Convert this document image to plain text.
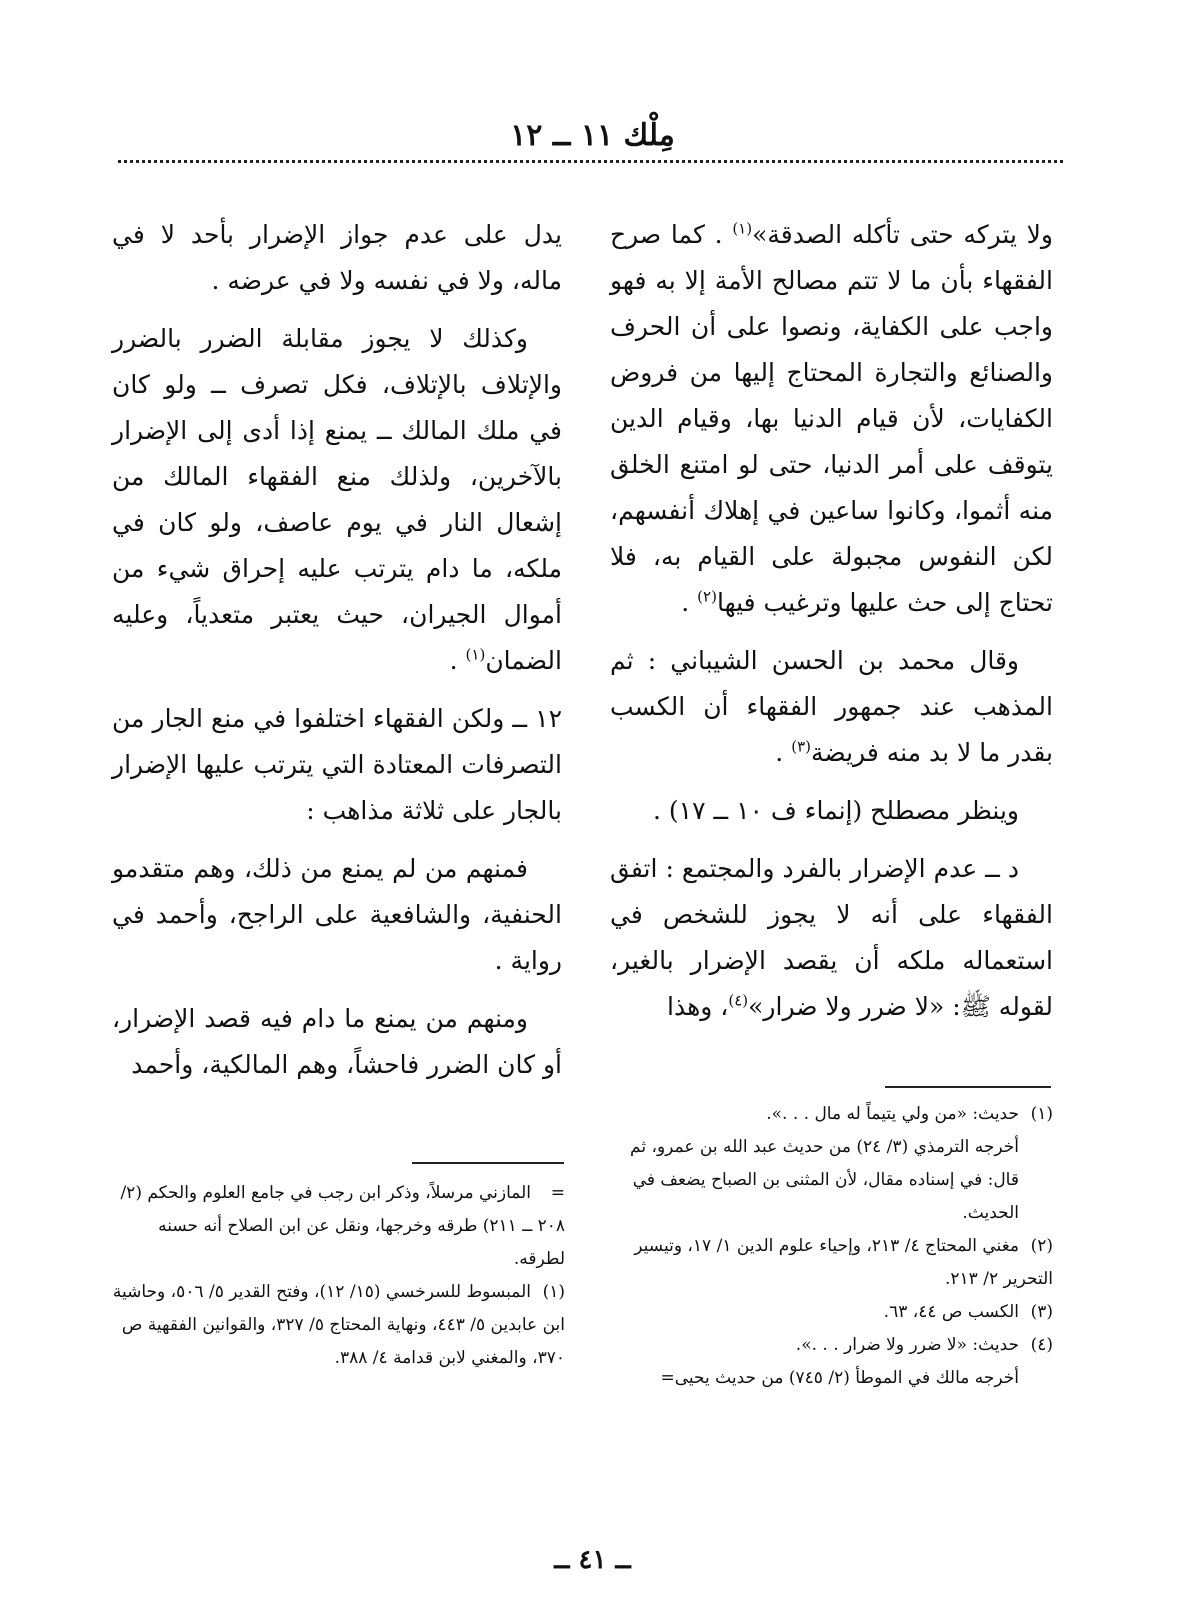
مِلْك ١١ ــ ١٢

ولا يتركه حتى تأكله الصدقة»$^{(١)}$ . كما صرح الفقهاء بأن ما لا تتم مصالح الأمة إلا به فهو واجب على الكفاية، ونصوا على أن الحرف والصنائع والتجارة المحتاج إليها من فروض الكفايات، لأن قيام الدنيا بها، وقيام الدين يتوقف على أمر الدنيا، حتى لو امتنع الخلق منه أثموا، وكانوا ساعين في إهلاك أنفسهم، لكن النفوس مجبولة على القيام به، فلا تحتاج إلى حث عليها وترغيب فيها$^{(٢)}$ .

وقال محمد بن الحسن الشيباني : ثم المذهب عند جمهور الفقهاء أن الكسب بقدر ما لا بد منه فريضة$^{(٣)}$ .

وينظر مصطلح (إنماء ف ١٠ ــ ١٧) .

د ــ عدم الإضرار بالفرد والمجتمع : اتفق الفقهاء على أنه لا يجوز للشخص في استعماله ملكه أن يقصد الإضرار بالغير، لقوله ﷺ: «لا ضرر ولا ضرار»$^{(٤)}$، وهذا

يدل على عدم جواز الإضرار بأحد لا في ماله، ولا في نفسه ولا في عرضه .

وكذلك لا يجوز مقابلة الضرر بالضرر والإتلاف بالإتلاف، فكل تصرف ــ ولو كان في ملك المالك ــ يمنع إذا أدى إلى الإضرار بالآخرين، ولذلك منع الفقهاء المالك من إشعال النار في يوم عاصف، ولو كان في ملكه، ما دام يترتب عليه إحراق شيء من أموال الجيران، حيث يعتبر متعدياً، وعليه الضمان$^{(١)}$ .

١٢ ــ ولكن الفقهاء اختلفوا في منع الجار من التصرفات المعتادة التي يترتب عليها الإضرار بالجار على ثلاثة مذاهب :

فمنهم من لم يمنع من ذلك، وهم متقدمو الحنفية، والشافعية على الراجح، وأحمد في رواية .

ومنهم من يمنع ما دام فيه قصد الإضرار، أو كان الضرر فاحشاً، وهم المالكية، وأحمد

(١)حديث: «من ولي يتيماً له مال . . .».

أخرجه الترمذي (٣/ ٢٤) من حديث عبد الله بن عمرو، ثم قال: في إسناده مقال، لأن المثنى بن الصباح يضعف في الحديث.

(٢)مغني المحتاج ٤/ ٢١٣، وإحياء علوم الدين ١/ ١٧، وتيسير التحرير ٢/ ٢١٣.

(٣)الكسب ص ٤٤، ٦٣.

(٤)حديث: «لا ضرر ولا ضرار . . .».

أخرجه مالك في الموطأ (٢/ ٧٤٥) من حديث يحيى=

=المازني مرسلاً، وذكر ابن رجب في جامع العلوم والحكم (٢/ ٢٠٨ ــ ٢١١) طرقه وخرجها، ونقل عن ابن الصلاح أنه حسنه لطرقه.

(١)المبسوط للسرخسي (١٥/ ١٢)، وفتح القدير ٥/ ٥٠٦، وحاشية ابن عابدين ٥/ ٤٤٣، ونهاية المحتاج ٥/ ٣٢٧، والقوانين الفقهية ص ٣٧٠، والمغني لابن قدامة ٤/ ٣٨٨.

ــ ٤١ ــ
